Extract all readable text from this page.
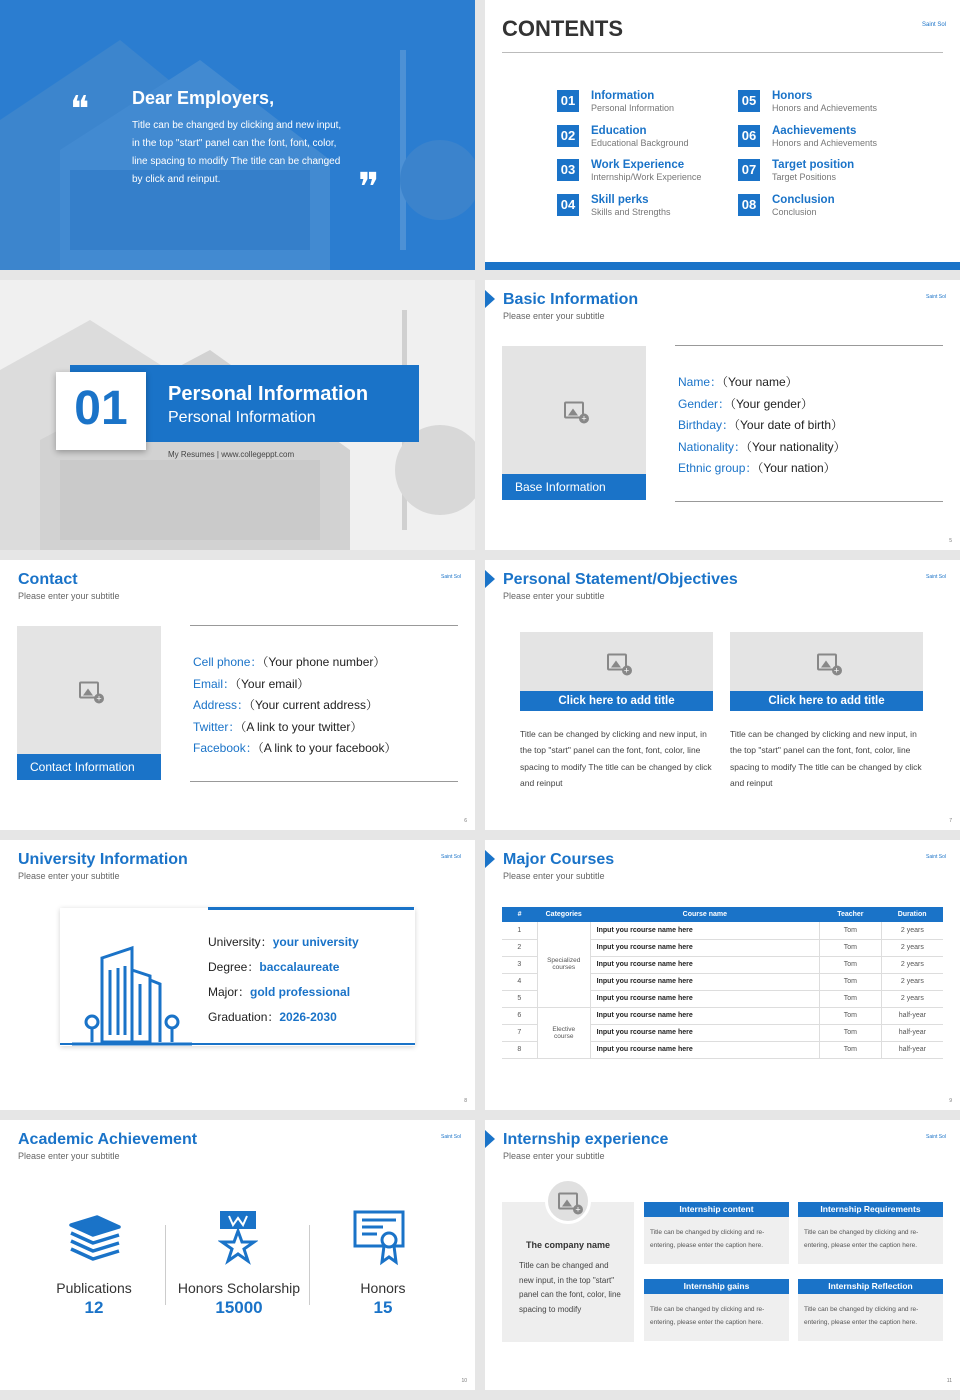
❝ Dear Employers,
Title can be changed by clicking and new input, in the top "start" panel can the font, font, color, line spacing to modify The title can be changed by click and reinput.	❞
CONTENTS	Saint Sol
01	Information
Personal Information
02	Education
Educational Background
03	Work Experience
Internship/Work Experience
04	Skill perks
Skills and Strengths
05	Honors
Honors and Achievements
06	Aachievements
Honors and Achievements
07	Target position
Target Positions
08	Conclusion
Conclusion
01	Personal Information
Personal Information
My Resumes | www.collegeppt.com
Basic Information
Please enter your subtitle
Saint Sol
+
Base Information
Name：（Your name）
Gender：（Your gender）
Birthday：（Your date of birth）
Nationality：（Your nationality）
Ethnic group：（Your nation）
5
Contact
Please enter your subtitle
Saint Sol
+
Contact Information
Cell phone：（Your phone number）
Email：（Your email）
Address：（Your current address）
Twitter：（A link to your twitter）
Facebook：（A link to your facebook）
6
Personal Statement/Objectives
Please enter your subtitle
Saint Sol
+
Click here to add title
Title can be changed by clicking and new input, in the top "start" panel can the font, font, color, line spacing to modify The title can be changed by click and reinput
+
Click here to add title
Title can be changed by clicking and new input, in the top "start" panel can the font, font, color, line spacing to modify The title can be changed by click and reinput
7
University Information
Please enter your subtitle
Saint Sol
University：your university
Degree：baccalaureate
Major：gold professional
Graduation：2026-2030
8
Major Courses
Please enter your subtitle
Saint Sol
#	Categories	Course name	Teacher	Duration
1	Specialized courses	Input you rcourse name here	Tom	2 years
2		Input you rcourse name here	Tom	2 years
3		Input you rcourse name here	Tom	2 years
4		Input you rcourse name here	Tom	2 years
5		Input you rcourse name here	Tom	2 years
6	Elective course	Input you rcourse name here	Tom	half-year
7		Input you rcourse name here	Tom	half-year
8		Input you rcourse name here	Tom	half-year
9
Academic Achievement
Please enter your subtitle
Saint Sol
Publications
12
Honors Scholarship
15000
Honors
15
10
Internship experience
Please enter your subtitle
Saint Sol
+
The company name
Title can be changed and new input, in the top "start" panel can the font, color, line spacing to modify
Internship content
Title can be changed by clicking and re-entering, please enter the caption here.
Internship Requirements
Title can be changed by clicking and re-entering, please enter the caption here.
Internship gains
Title can be changed by clicking and re-entering, please enter the caption here.
Internship Reflection
Title can be changed by clicking and re-entering, please enter the caption here.
11
